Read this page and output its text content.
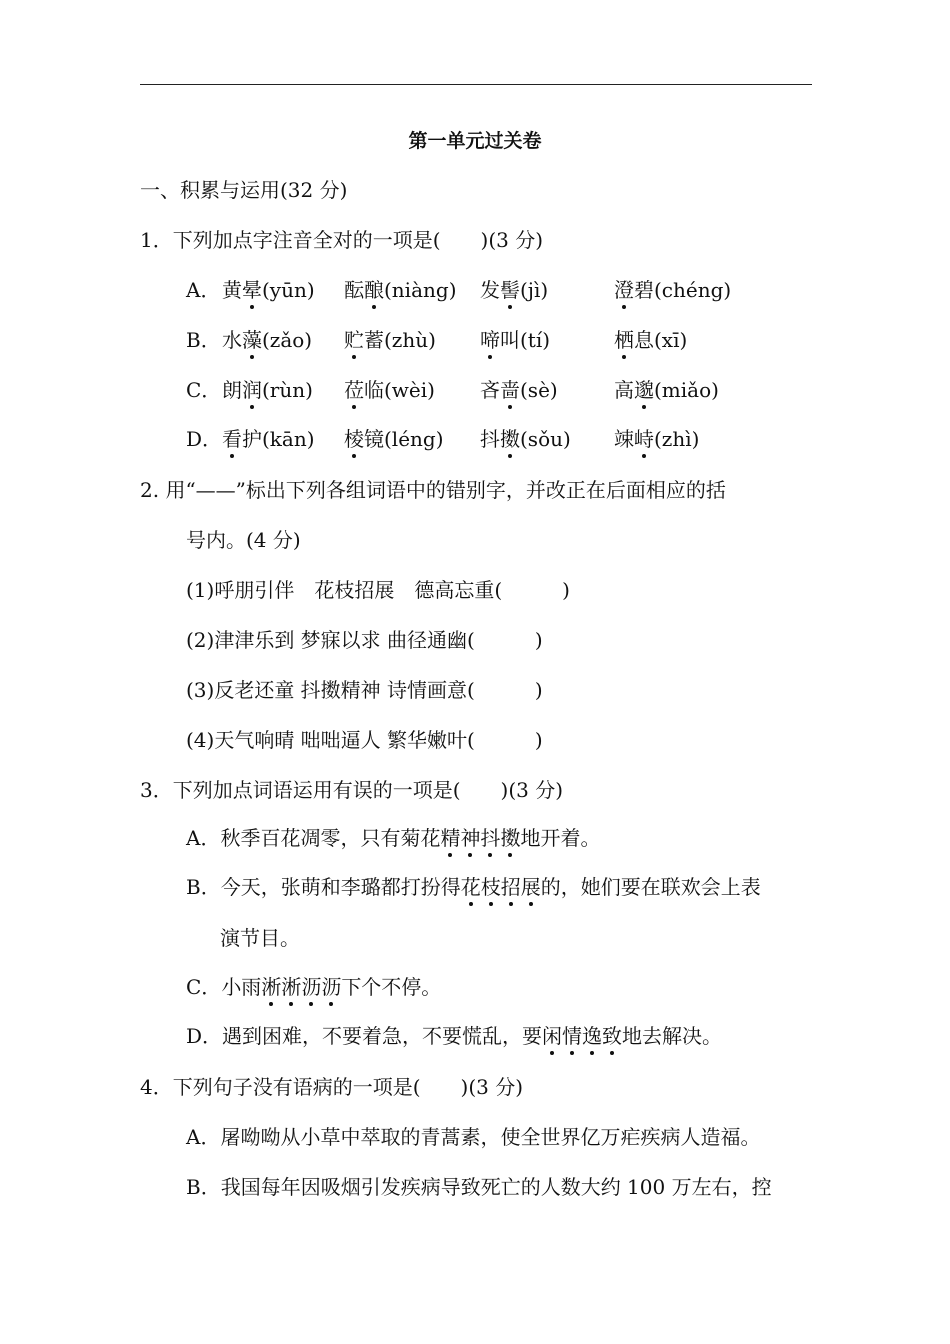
第一单元过关卷
一、积累与运用(32 分)
1．下列加点字注音全对的一项是(　　)(3 分)
A． 黄晕(yūn) 酝酿(niàng) 发髻(jì)	澄碧(chéng)
B． 水藻(zǎo) 贮蓄(zhù) 啼叫(tí)	栖息(xī)
C． 朗润(rùn) 莅临(wèi) 吝啬(sè)	高邈(miǎo)
D． 看护(kān) 棱镜(léng) 抖擞(sǒu) 竦峙(zhì)
2. 用“——”标出下列各组词语中的错别字，并改正在后面相应的括
号内。(4 分)
(1)呼朋引伴　花枝招展　德高忘重(　　　)
(2)津津乐到 梦寐以求 曲径通幽(　　　)
(3)反老还童 抖擞精神 诗情画意(　　　)
(4)天气响晴 咄咄逼人 繁华嫩叶(　　　)
3．下列加点词语运用有误的一项是(　　)(3 分)
A．秋季百花凋零，只有菊花精神抖擞地开着。
B．今天，张萌和李璐都打扮得花枝招展的，她们要在联欢会上表
演节目。
C．小雨淅淅沥沥下个不停。
D．遇到困难，不要着急，不要慌乱，要闲情逸致地去解决。
4．下列句子没有语病的一项是(　　)(3 分)
A．屠呦呦从小草中萃取的青蒿素，使全世界亿万疟疾病人造福。
B．我国每年因吸烟引发疾病导致死亡的人数大约 100 万左右，控
